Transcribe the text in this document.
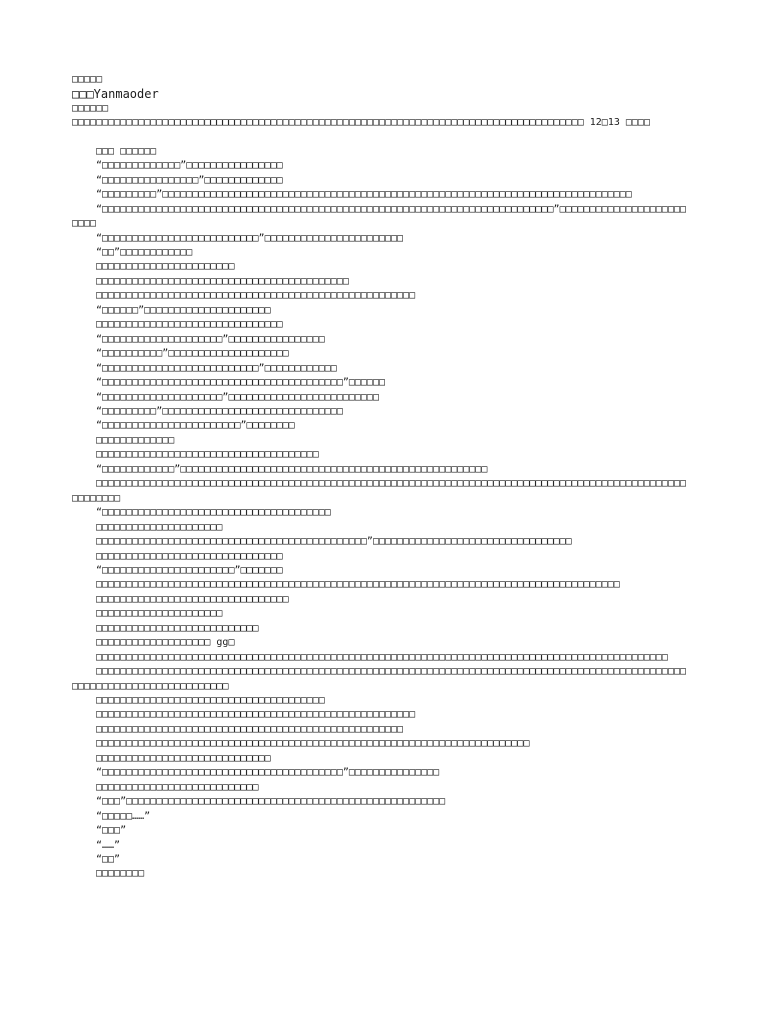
□□□□□
□□□Yanmaoder
□□□□□□
□□□□□□□□□□□□□□□□□□□□□□□□□□□□□□□□□□□□□□□□□□□□□□□□□□□□□□□□□□□□□□□□□□□□□□□□□□□□□□□□□□□□□ 12□13 □□□□
□□□ □□□□□□
“□□□□□□□□□□□□□”□□□□□□□□□□□□□□□□
“□□□□□□□□□□□□□□□□”□□□□□□□□□□□□□
“□□□□□□□□□”□□□□□□□□□□□□□□□□□□□□□□□□□□□□□□□□□□□□□□□□□□□□□□□□□□□□□□□□□□□□□□□□□□□□□□□□□□□□□□
“□□□□□□□□□□□□□□□□□□□□□□□□□□□□□□□□□□□□□□□□□□□□□□□□□□□□□□□□□□□□□□□□□□□□□□□□□□□”□□□□□□□□□□□□□□□□□□□□□□□□□
“□□□□□□□□□□□□□□□□□□□□□□□□□□”□□□□□□□□□□□□□□□□□□□□□□□
“□□”□□□□□□□□□□□□
□□□□□□□□□□□□□□□□□□□□□□□
□□□□□□□□□□□□□□□□□□□□□□□□□□□□□□□□□□□□□□□□□□
□□□□□□□□□□□□□□□□□□□□□□□□□□□□□□□□□□□□□□□□□□□□□□□□□□□□□
“□□□□□□”□□□□□□□□□□□□□□□□□□□□□
□□□□□□□□□□□□□□□□□□□□□□□□□□□□□□□
“□□□□□□□□□□□□□□□□□□□□”□□□□□□□□□□□□□□□□
“□□□□□□□□□□”□□□□□□□□□□□□□□□□□□□□
“□□□□□□□□□□□□□□□□□□□□□□□□□□”□□□□□□□□□□□□
“□□□□□□□□□□□□□□□□□□□□□□□□□□□□□□□□□□□□□□□□”□□□□□□
“□□□□□□□□□□□□□□□□□□□□”□□□□□□□□□□□□□□□□□□□□□□□□□
“□□□□□□□□□”□□□□□□□□□□□□□□□□□□□□□□□□□□□□□□
“□□□□□□□□□□□□□□□□□□□□□□□”□□□□□□□□
□□□□□□□□□□□□□
□□□□□□□□□□□□□□□□□□□□□□□□□□□□□□□□□□□□□
“□□□□□□□□□□□□”□□□□□□□□□□□□□□□□□□□□□□□□□□□□□□□□□□□□□□□□□□□□□□□□□□□
□□□□□□□□□□□□□□□□□□□□□□□□□□□□□□□□□□□□□□□□□□□□□□□□□□□□□□□□□□□□□□□□□□□□□□□□□□□□□□□□□□□□□□□□□□□□□□□□□□□□□□□□□□
“□□□□□□□□□□□□□□□□□□□□□□□□□□□□□□□□□□□□□□
□□□□□□□□□□□□□□□□□□□□□
□□□□□□□□□□□□□□□□□□□□□□□□□□□□□□□□□□□□□□□□□□□□□”□□□□□□□□□□□□□□□□□□□□□□□□□□□□□□□□□
□□□□□□□□□□□□□□□□□□□□□□□□□□□□□□□
“□□□□□□□□□□□□□□□□□□□□□□”□□□□□□□
□□□□□□□□□□□□□□□□□□□□□□□□□□□□□□□□□□□□□□□□□□□□□□□□□□□□□□□□□□□□□□□□□□□□□□□□□□□□□□□□□□□□□□□
□□□□□□□□□□□□□□□□□□□□□□□□□□□□□□□□
□□□□□□□□□□□□□□□□□□□□□
□□□□□□□□□□□□□□□□□□□□□□□□□□□
□□□□□□□□□□□□□□□□□□□ gg□
□□□□□□□□□□□□□□□□□□□□□□□□□□□□□□□□□□□□□□□□□□□□□□□□□□□□□□□□□□□□□□□□□□□□□□□□□□□□□□□□□□□□□□□□□□□□□□□
□□□□□□□□□□□□□□□□□□□□□□□□□□□□□□□□□□□□□□□□□□□□□□□□□□□□□□□□□□□□□□□□□□□□□□□□□□□□□□□□□□□□□□□□□□□□□□□□□□□□□□□□□□□□□□□□□□□□□□□□□□□□
□□□□□□□□□□□□□□□□□□□□□□□□□□□□□□□□□□□□□□
□□□□□□□□□□□□□□□□□□□□□□□□□□□□□□□□□□□□□□□□□□□□□□□□□□□□□
□□□□□□□□□□□□□□□□□□□□□□□□□□□□□□□□□□□□□□□□□□□□□□□□□□□
□□□□□□□□□□□□□□□□□□□□□□□□□□□□□□□□□□□□□□□□□□□□□□□□□□□□□□□□□□□□□□□□□□□□□□□□
□□□□□□□□□□□□□□□□□□□□□□□□□□□□□
“□□□□□□□□□□□□□□□□□□□□□□□□□□□□□□□□□□□□□□□□”□□□□□□□□□□□□□□□
□□□□□□□□□□□□□□□□□□□□□□□□□□□
“□□□”□□□□□□□□□□□□□□□□□□□□□□□□□□□□□□□□□□□□□□□□□□□□□□□□□□□□□
“□□□□□……”
“□□□”
“……”
“□□”
□□□□□□□□
